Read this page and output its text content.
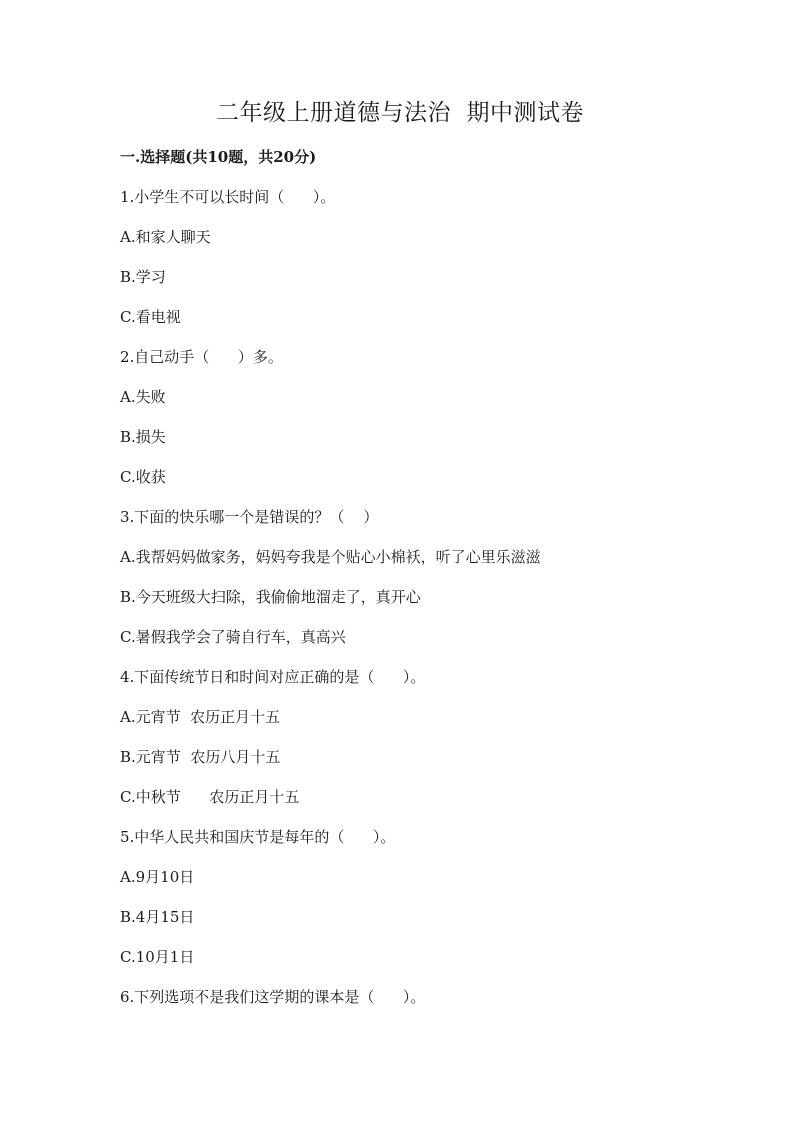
二年级上册道德与法治  期中测试卷
一.选择题(共10题，共20分)
1.小学生不可以长时间（      ）。
A.和家人聊天
B.学习
C.看电视
2.自己动手（      ）多。
A.失败
B.损失
C.收获
3.下面的快乐哪一个是错误的？（    ）
A.我帮妈妈做家务，妈妈夸我是个贴心小棉袄，听了心里乐滋滋
B.今天班级大扫除，我偷偷地溜走了，真开心
C.暑假我学会了骑自行车，真高兴
4.下面传统节日和时间对应正确的是（      ）。
A.元宵节  农历正月十五
B.元宵节  农历八月十五
C.中秋节      农历正月十五
5.中华人民共和国庆节是每年的（      ）。
A.9月10日
B.4月15日
C.10月1日
6.下列选项不是我们这学期的课本是（      ）。
